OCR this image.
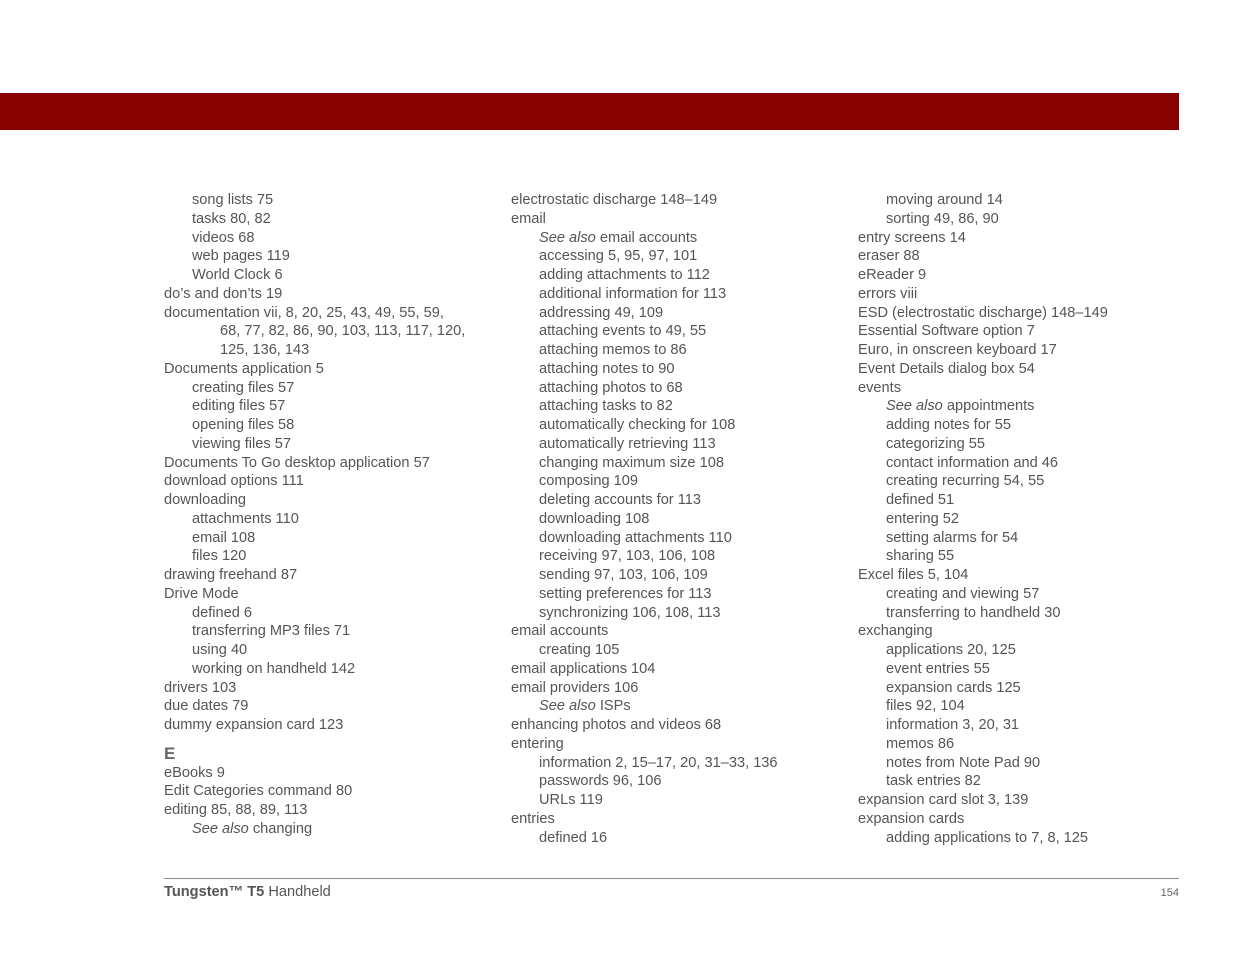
song lists 75
tasks 80, 82
videos 68
web pages 119
World Clock 6
do’s and don’ts 19
documentation vii, 8, 20, 25, 43, 49, 55, 59,
68, 77, 82, 86, 90, 103, 113, 117, 120,
125, 136, 143
Documents application 5
creating files 57
editing files 57
opening files 58
viewing files 57
Documents To Go desktop application 57
download options 111
downloading
attachments 110
email 108
files 120
drawing freehand 87
Drive Mode
defined 6
transferring MP3 files 71
using 40
working on handheld 142
drivers 103
due dates 79
dummy expansion card 123
E
eBooks 9
Edit Categories command 80
editing 85, 88, 89, 113
See also changing
electrostatic discharge 148–149
email
See also email accounts
accessing 5, 95, 97, 101
adding attachments to 112
additional information for 113
addressing 49, 109
attaching events to 49, 55
attaching memos to 86
attaching notes to 90
attaching photos to 68
attaching tasks to 82
automatically checking for 108
automatically retrieving 113
changing maximum size 108
composing 109
deleting accounts for 113
downloading 108
downloading attachments 110
receiving 97, 103, 106, 108
sending 97, 103, 106, 109
setting preferences for 113
synchronizing 106, 108, 113
email accounts
creating 105
email applications 104
email providers 106
See also ISPs
enhancing photos and videos 68
entering
information 2, 15–17, 20, 31–33, 136
passwords 96, 106
URLs 119
entries
defined 16
moving around 14
sorting 49, 86, 90
entry screens 14
eraser 88
eReader 9
errors viii
ESD (electrostatic discharge) 148–149
Essential Software option 7
Euro, in onscreen keyboard 17
Event Details dialog box 54
events
See also appointments
adding notes for 55
categorizing 55
contact information and 46
creating recurring 54, 55
defined 51
entering 52
setting alarms for 54
sharing 55
Excel files 5, 104
creating and viewing 57
transferring to handheld 30
exchanging
applications 20, 125
event entries 55
expansion cards 125
files 92, 104
information 3, 20, 31
memos 86
notes from Note Pad 90
task entries 82
expansion card slot 3, 139
expansion cards
adding applications to 7, 8, 125
Tungsten™ T5 Handheld	154
